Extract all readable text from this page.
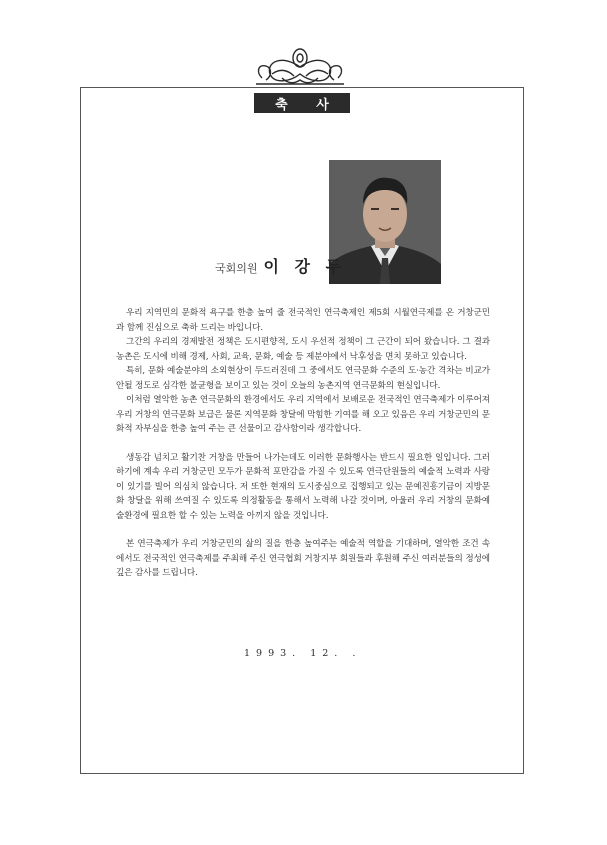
축 사
국회의원 이 강 두

우리 지역민의 문화적 욕구를 한층 높여 줄 전국적인 연극축제인 제5회 시월연극제를 온 거창군민과 함께 진심으로 축하 드리는 바입니다.

그간의 우리의 경제발전 정책은 도시편향적, 도시 우선적 정책이 그 근간이 되어 왔습니다. 그 결과 농촌은 도시에 비해 경제, 사회, 교육, 문화, 예술 등 제분야에서 낙후성을 면치 못하고 있습니다.

특히, 문화 예술분야의 소외현상이 두드러진데 그 중에서도 연극문화 수준의 도·농간 격차는 비교가 안될 정도로 심각한 불균형을 보이고 있는 것이 오늘의 농촌지역 연극문화의 현실입니다.

이처럼 열악한 농촌 연극문화의 환경에서도 우리 지역에서 보배로운 전국적인 연극축제가 이루어져 우리 거창의 연극문화 보급은 물론 지역문화 창달에 막힘한 기여를 해 오고 있음은 우리 거창군민의 문화적 자부심을 한층 높여 주는 큰 선물이고 감사함이라 생각합니다.

생동감 넘치고 활기찬 거창을 만들어 나가는데도 이러한 문화행사는 반드시 필요한 일입니다. 그러하기에 계속 우리 거창군민 모두가 문화적 포만감을 가질 수 있도록 연극단원들의 예술적 노력과 사랑이 있기를 빌어 의심치 않습니다. 저 또한 현재의 도시중심으로 집행되고 있는 문예진흥기금이 지방문화 창달을 위해 쓰여질 수 있도록 의정활동을 통해서 노력해 나갈 것이며, 아울러 우리 거창의 문화예술환경에 필요한 할 수 있는 노력을 아끼지 않을 것입니다.

본 연극축제가 우리 거창군민의 삶의 질을 한층 높여주는 예술적 역할을 기대하며, 열악한 조건 속에서도 전국적인 연극축제를 주최해 주신 연극협회 거창지부 회원들과 후원해 주신 여러분들의 정성에 깊은 감사를 드립니다.

1993. 12. .
